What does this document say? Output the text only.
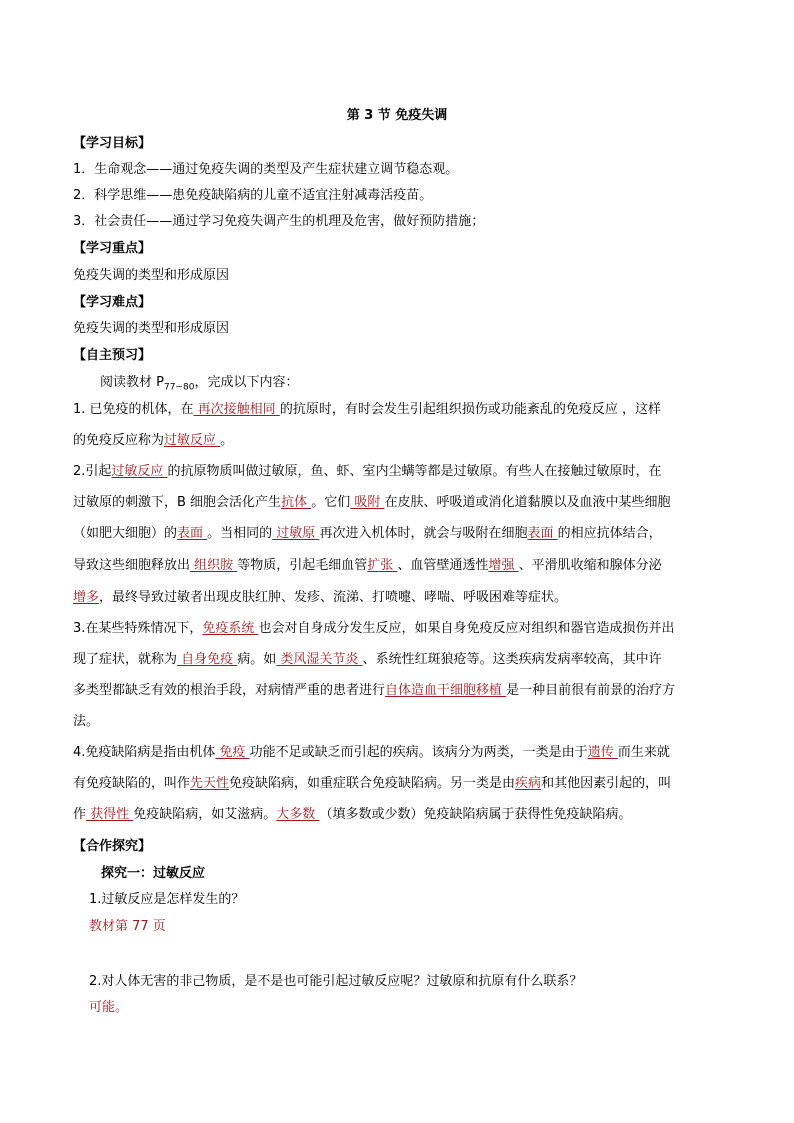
第 3 节 免疫失调
【学习目标】
1．生命观念——通过免疫失调的类型及产生症状建立调节稳态观。
2．科学思维——患免疫缺陷病的儿童不适宜注射减毒活疫苗。
3．社会责任——通过学习免疫失调产生的机理及危害，做好预防措施；
【学习重点】
免疫失调的类型和形成原因
【学习难点】
免疫失调的类型和形成原因
【自主预习】
阅读教材 $P_{77\sim 80}$，完成以下内容：
1. 已免疫的机体，在 再次接触相同 的抗原时，有时会发生引起组织损伤或功能紊乱的免疫反应 ，这样
的免疫反应称为过敏反应 。
2.引起过敏反应 的抗原物质叫做过敏原，鱼、虾、室内尘螨等都是过敏原。有些人在接触过敏原时，在
过敏原的刺激下，B 细胞会活化产生抗体 。它们 吸附 在皮肤、呼吸道或消化道黏膜以及血液中某些细胞
（如肥大细胞）的表面 。当相同的 过敏原 再次进入机体时，就会与吸附在细胞表面 的相应抗体结合，
导致这些细胞释放出 组织胺 等物质，引起毛细血管扩张 、血管壁通透性增强 、平滑肌收缩和腺体分泌
增多，最终导致过敏者出现皮肤红肿、发疹、流涕、打喷嚏、哮喘、呼吸困难等症状。
3.在某些特殊情况下，免疫系统 也会对自身成分发生反应，如果自身免疫反应对组织和器官造成损伤并出
现了症状，就称为 自身免疫 病。如 类风湿关节炎 、系统性红斑狼疮等。这类疾病发病率较高，其中许
多类型都缺乏有效的根治手段，对病情严重的患者进行自体造血干细胞移植 是一种目前很有前景的治疗方
法。
4.免疫缺陷病是指由机体 免疫 功能不足或缺乏而引起的疾病。该病分为两类，一类是由于遗传 而生来就
有免疫缺陷的，叫作先天性免疫缺陷病，如重症联合免疫缺陷病。另一类是由疾病和其他因素引起的，叫
作 获得性 免疫缺陷病，如艾滋病。大多数 （填多数或少数）免疫缺陷病属于获得性免疫缺陷病。
【合作探究】
探究一：过敏反应
1.过敏反应是怎样发生的？
教材第 77 页
2.对人体无害的非己物质，是不是也可能引起过敏反应呢？过敏原和抗原有什么联系？
可能。
